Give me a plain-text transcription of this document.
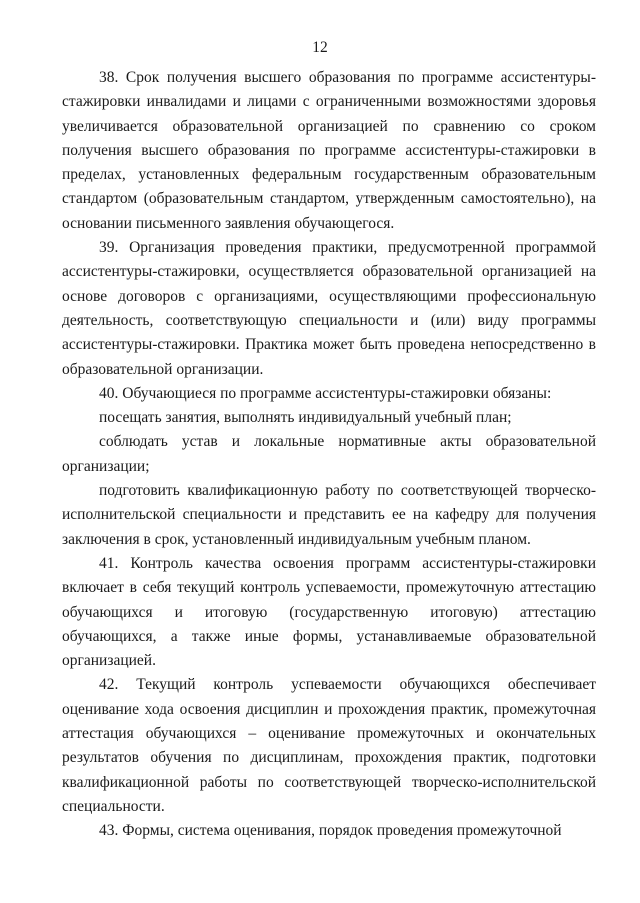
12

38. Срок получения высшего образования по программе ассистентуры-стажировки инвалидами и лицами с ограниченными возможностями здоровья увеличивается образовательной организацией по сравнению со сроком получения высшего образования по программе ассистентуры-стажировки в пределах, установленных федеральным государственным образовательным стандартом (образовательным стандартом, утвержденным самостоятельно), на основании письменного заявления обучающегося.

39. Организация проведения практики, предусмотренной программой ассистентуры-стажировки, осуществляется образовательной организацией на основе договоров с организациями, осуществляющими профессиональную деятельность, соответствующую специальности и (или) виду программы ассистентуры-стажировки. Практика может быть проведена непосредственно в образовательной организации.

40. Обучающиеся по программе ассистентуры-стажировки обязаны:

посещать занятия, выполнять индивидуальный учебный план;

соблюдать устав и локальные нормативные акты образовательной организации;

подготовить квалификационную работу по соответствующей творческо-исполнительской специальности и представить ее на кафедру для получения заключения в срок, установленный индивидуальным учебным планом.

41. Контроль качества освоения программ ассистентуры-стажировки включает в себя текущий контроль успеваемости, промежуточную аттестацию обучающихся и итоговую (государственную итоговую) аттестацию обучающихся, а также иные формы, устанавливаемые образовательной организацией.

42. Текущий контроль успеваемости обучающихся обеспечивает оценивание хода освоения дисциплин и прохождения практик, промежуточная аттестация обучающихся – оценивание промежуточных и окончательных результатов обучения по дисциплинам, прохождения практик, подготовки квалификационной работы по соответствующей творческо-исполнительской специальности.

43. Формы, система оценивания, порядок проведения промежуточной
